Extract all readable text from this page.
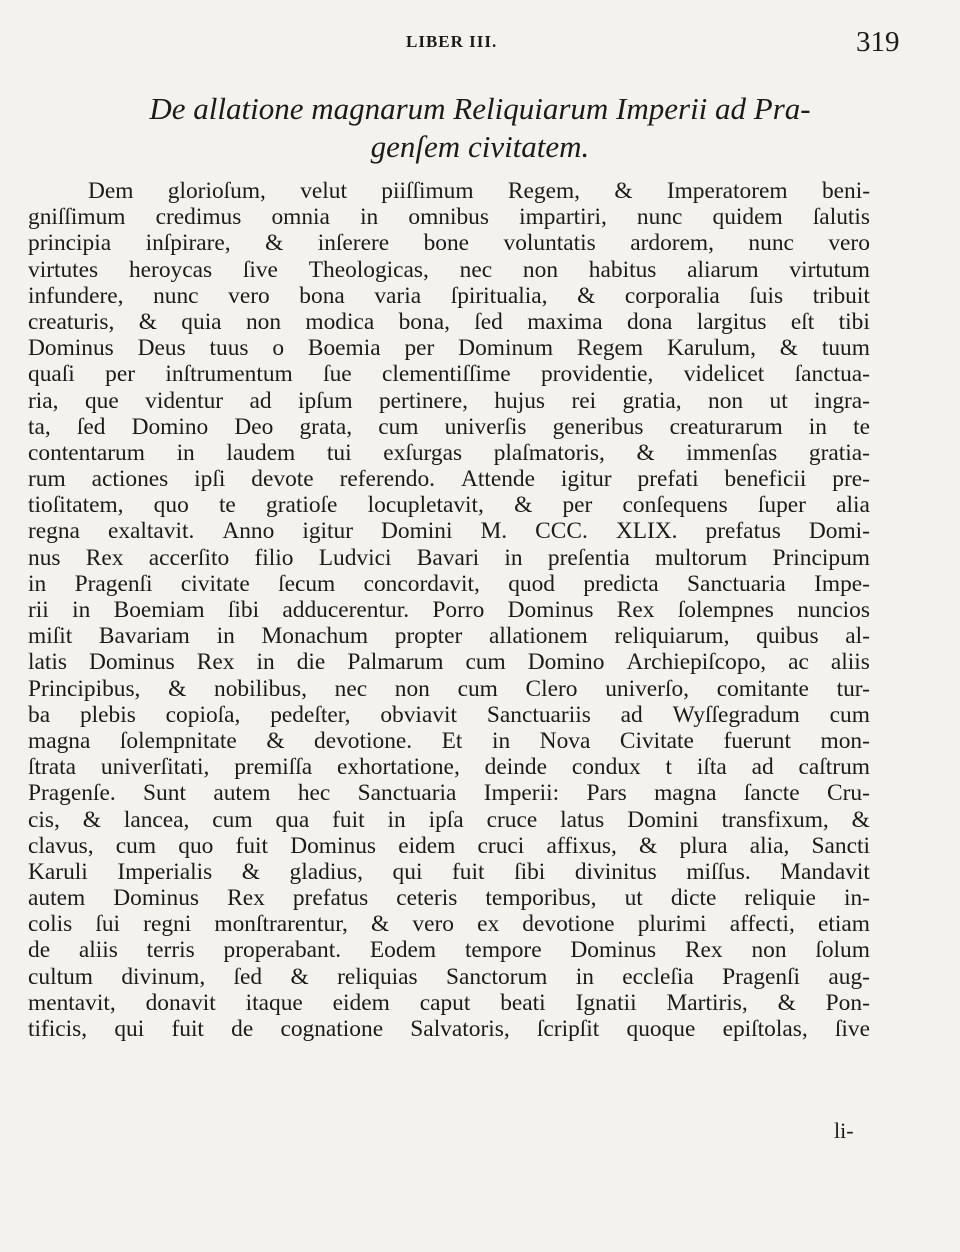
LIBER III.	319
De allatione magnarum Reliquiarum Imperii ad Pra-
genſem civitatem.
Dem glorioſum, velut piiſſimum Regem, & Imperatorem beni-
gniſſimum credimus omnia in omnibus impartiri, nunc quidem ſalutis
principia inſpirare, & inſerere bone voluntatis ardorem, nunc vero
virtutes heroycas ſive Theologicas, nec non habitus aliarum virtutum
infundere, nunc vero bona varia ſpiritualia, & corporalia ſuis tribuit
creaturis, & quia non modica bona, ſed maxima dona largitus eſt tibi
Dominus Deus tuus o Boemia per Dominum Regem Karulum, & tuum
quaſi per inſtrumentum ſue clementiſſime providentie, videlicet ſanctua-
ria, que videntur ad ipſum pertinere, hujus rei gratia, non ut ingra-
ta, ſed Domino Deo grata, cum univerſis generibus creaturarum in te
contentarum in laudem tui exſurgas plaſmatoris, & immenſas gratia-
rum actiones ipſi devote referendo. Attende igitur prefati beneficii pre-
tioſitatem, quo te gratioſe locupletavit, & per conſequens ſuper alia
regna exaltavit. Anno igitur Domini M. CCC. XLIX. prefatus Domi-
nus Rex accerſito filio Ludvici Bavari in preſentia multorum Principum
in Pragenſi civitate ſecum concordavit, quod predicta Sanctuaria Impe-
rii in Boemiam ſibi adducerentur. Porro Dominus Rex ſolempnes nuncios
miſit Bavariam in Monachum propter allationem reliquiarum, quibus al-
latis Dominus Rex in die Palmarum cum Domino Archiepiſcopo, ac aliis
Principibus, & nobilibus, nec non cum Clero univerſo, comitante tur-
ba plebis copioſa, pedeſter, obviavit Sanctuariis ad Wyſſegradum cum
magna ſolempnitate & devotione. Et in Nova Civitate fuerunt mon-
ſtrata univerſitati, premiſſa exhortatione, deinde condux t iſta ad caſtrum
Pragenſe. Sunt autem hec Sanctuaria Imperii: Pars magna ſancte Cru-
cis, & lancea, cum qua fuit in ipſa cruce latus Domini transfixum, &
clavus, cum quo fuit Dominus eidem cruci affixus, & plura alia, Sancti
Karuli Imperialis & gladius, qui fuit ſibi divinitus miſſus. Mandavit
autem Dominus Rex prefatus ceteris temporibus, ut dicte reliquie in-
colis ſui regni monſtrarentur, & vero ex devotione plurimi affecti, etiam
de aliis terris properabant. Eodem tempore Dominus Rex non ſolum
cultum divinum, ſed & reliquias Sanctorum in eccleſia Pragenſi aug-
mentavit, donavit itaque eidem caput beati Ignatii Martiris, & Pon-
tificis, qui fuit de cognatione Salvatoris, ſcripſit quoque epiſtolas, ſive
li-
